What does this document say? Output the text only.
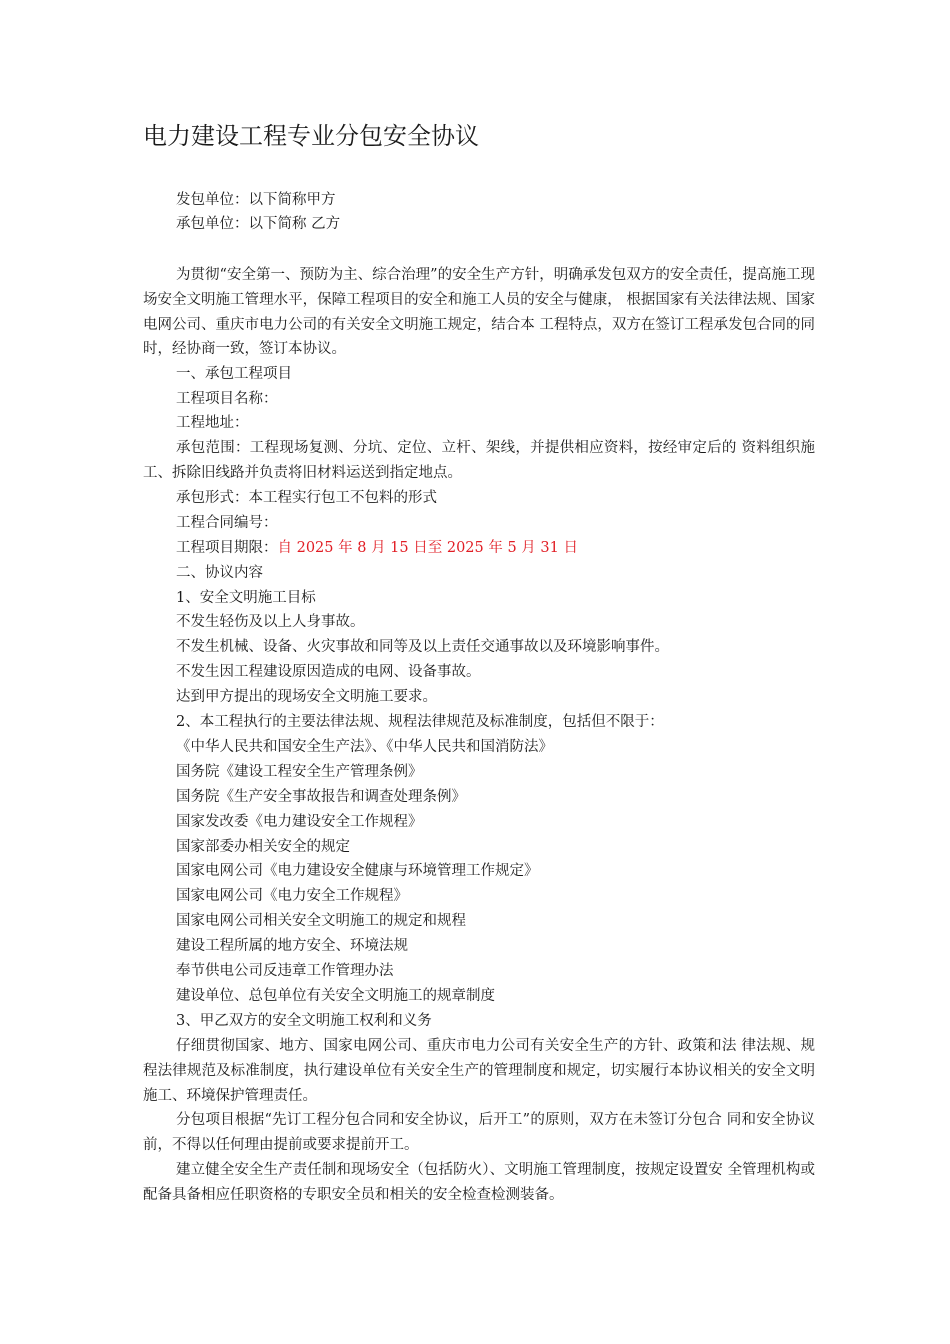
电力建设工程专业分包安全协议
发包单位：以下简称甲方
承包单位：以下简称 乙方
为贯彻“安全第一、预防为主、综合治理”的安全生产方针，明确承发包双方的安全责任，提高施工现场安全文明施工管理水平，保障工程项目的安全和施工人员的安全与健康， 根据国家有关法律法规、国家电网公司、重庆市电力公司的有关安全文明施工规定，结合本 工程特点，双方在签订工程承发包合同的同时，经协商一致，签订本协议。
一、承包工程项目
工程项目名称：
工程地址：
承包范围：工程现场复测、分坑、定位、立杆、架线，并提供相应资料，按经审定后的 资料组织施工、拆除旧线路并负责将旧材料运送到指定地点。
承包形式：本工程实行包工不包料的形式
工程合同编号：
工程项目期限：自 2025 年 8 月 15 日至 2025 年 5 月 31 日
二、协议内容
1、安全文明施工目标
不发生轻伤及以上人身事故。
不发生机械、设备、火灾事故和同等及以上责任交通事故以及环境影响事件。
不发生因工程建设原因造成的电网、设备事故。
达到甲方提出的现场安全文明施工要求。
2、本工程执行的主要法律法规、规程法律规范及标准制度，包括但不限于：
《中华人民共和国安全生产法》、《中华人民共和国消防法》
国务院《建设工程安全生产管理条例》
国务院《生产安全事故报告和调查处理条例》
国家发改委《电力建设安全工作规程》
国家部委办相关安全的规定
国家电网公司《电力建设安全健康与环境管理工作规定》
国家电网公司《电力安全工作规程》
国家电网公司相关安全文明施工的规定和规程
建设工程所属的地方安全、环境法规
奉节供电公司反违章工作管理办法
建设单位、总包单位有关安全文明施工的规章制度
3、甲乙双方的安全文明施工权利和义务
仔细贯彻国家、地方、国家电网公司、重庆市电力公司有关安全生产的方针、政策和法 律法规、规程法律规范及标准制度，执行建设单位有关安全生产的管理制度和规定，切实履行本协议相关的安全文明施工、环境保护管理责任。
分包项目根据“先订工程分包合同和安全协议，后开工”的原则，双方在未签订分包合 同和安全协议前，不得以任何理由提前或要求提前开工。
建立健全安全生产责任制和现场安全（包括防火）、文明施工管理制度，按规定设置安 全管理机构或配备具备相应任职资格的专职安全员和相关的安全检查检测装备。
